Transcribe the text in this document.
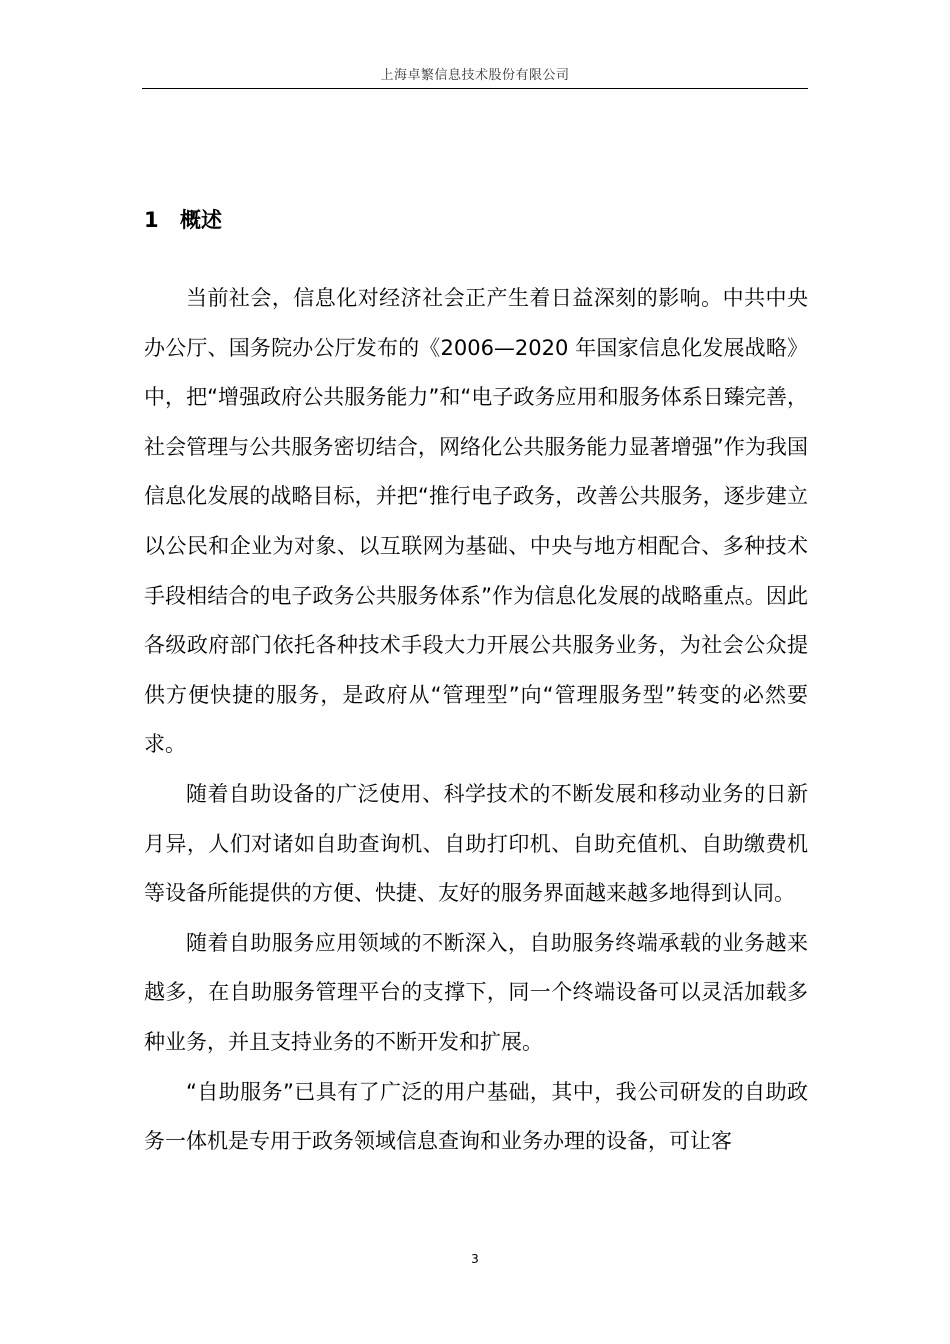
上海卓繁信息技术股份有限公司
1 概述

当前社会，信息化对经济社会正产生着日益深刻的影响。中共中央办公厅、国务院办公厅发布的《2006—2020 年国家信息化发展战略》中，把“增强政府公共服务能力”和“电子政务应用和服务体系日臻完善，社会管理与公共服务密切结合，网络化公共服务能力显著增强”作为我国信息化发展的战略目标，并把“推行电子政务，改善公共服务，逐步建立以公民和企业为对象、以互联网为基础、中央与地方相配合、多种技术手段相结合的电子政务公共服务体系”作为信息化发展的战略重点。因此各级政府部门依托各种技术手段大力开展公共服务业务，为社会公众提供方便快捷的服务，是政府从“管理型”向“管理服务型”转变的必然要求。

随着自助设备的广泛使用、科学技术的不断发展和移动业务的日新月异，人们对诸如自助查询机、自助打印机、自助充值机、自助缴费机等设备所能提供的方便、快捷、友好的服务界面越来越多地得到认同。

随着自助服务应用领域的不断深入，自助服务终端承载的业务越来越多，在自助服务管理平台的支撑下，同一个终端设备可以灵活加载多种业务，并且支持业务的不断开发和扩展。

“自助服务”已具有了广泛的用户基础，其中，我公司研发的自助政务一体机是专用于政务领域信息查询和业务办理的设备，可让客

3
